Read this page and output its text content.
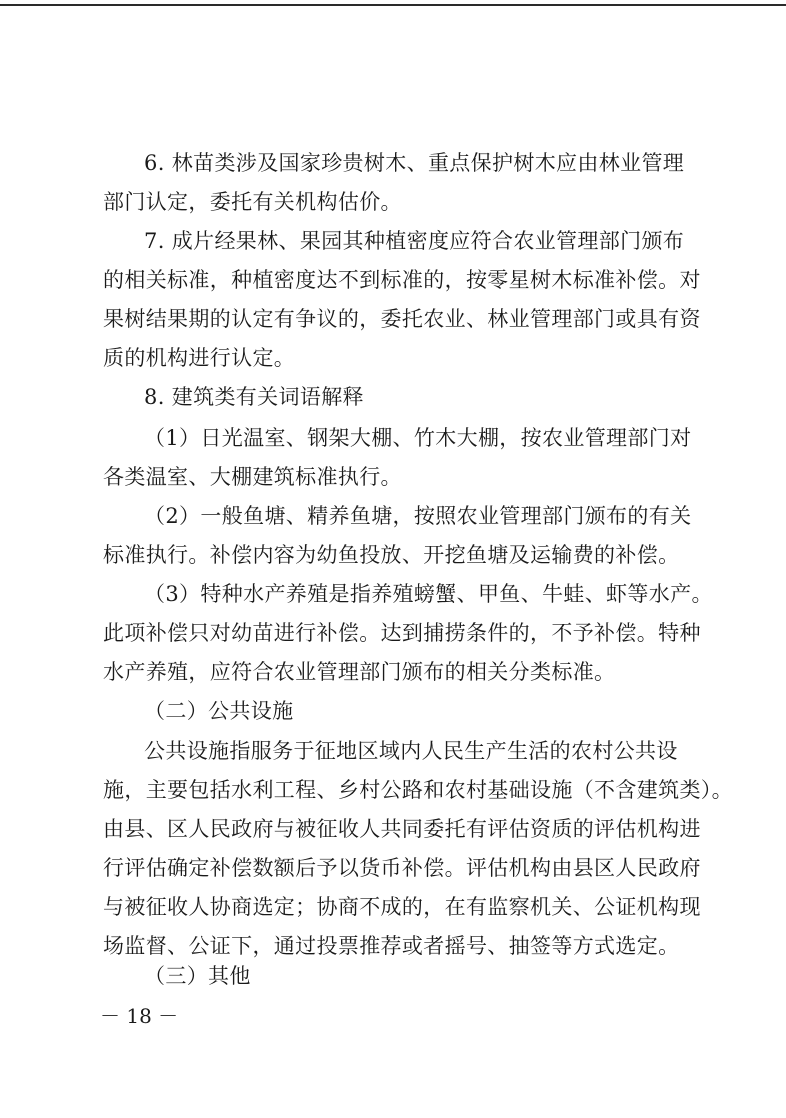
6. 林苗类涉及国家珍贵树木、重点保护树木应由林业管理
部门认定，委托有关机构估价。
7. 成片经果林、果园其种植密度应符合农业管理部门颁布
的相关标准，种植密度达不到标准的，按零星树木标准补偿。对
果树结果期的认定有争议的，委托农业、林业管理部门或具有资
质的机构进行认定。
8. 建筑类有关词语解释
（1）日光温室、钢架大棚、竹木大棚，按农业管理部门对
各类温室、大棚建筑标准执行。
（2）一般鱼塘、精养鱼塘，按照农业管理部门颁布的有关
标准执行。补偿内容为幼鱼投放、开挖鱼塘及运输费的补偿。
（3）特种水产养殖是指养殖螃蟹、甲鱼、牛蛙、虾等水产。
此项补偿只对幼苗进行补偿。达到捕捞条件的，不予补偿。特种
水产养殖，应符合农业管理部门颁布的相关分类标准。
（二）公共设施
公共设施指服务于征地区域内人民生产生活的农村公共设
施，主要包括水利工程、乡村公路和农村基础设施（不含建筑类）。
由县、区人民政府与被征收人共同委托有评估资质的评估机构进
行评估确定补偿数额后予以货币补偿。评估机构由县区人民政府
与被征收人协商选定；协商不成的，在有监察机关、公证机构现
场监督、公证下，通过投票推荐或者摇号、抽签等方式选定。
（三）其他
－ 18 －
